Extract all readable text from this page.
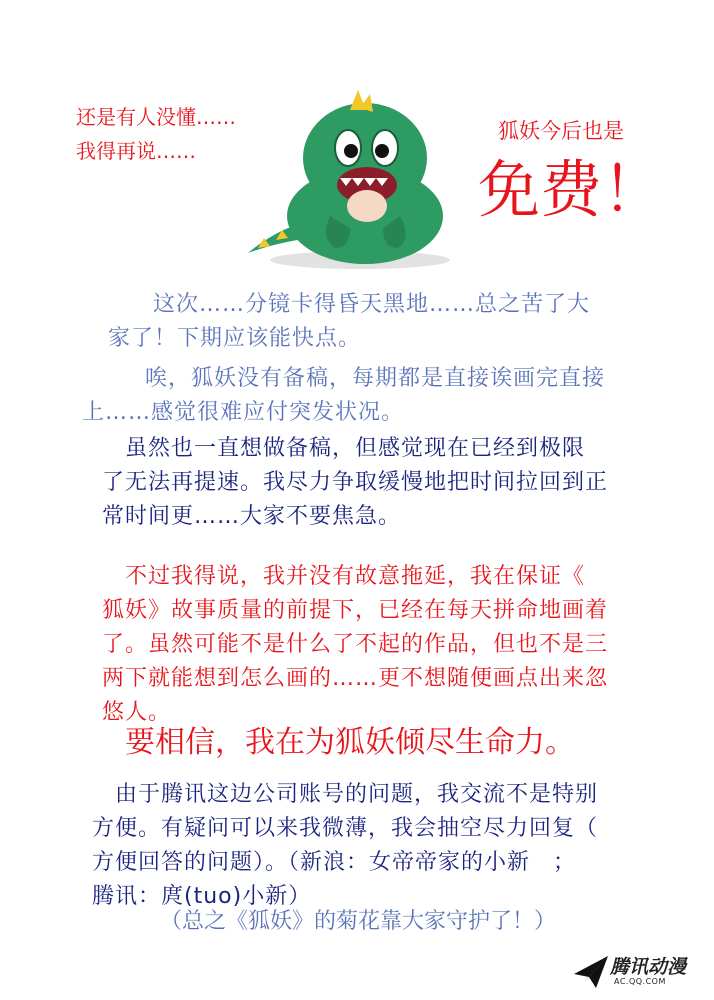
还是有人没懂……
我得再说……
狐妖今后也是
免费！
　这次……分镜卡得昏天黑地……总之苦了大
家了！下期应该能快点。
　唉，狐妖没有备稿，每期都是直接诶画完直接
上……感觉很难应付突发状况。
　虽然也一直想做备稿，但感觉现在已经到极限
了无法再提速。我尽力争取缓慢地把时间拉回到正
常时间更……大家不要焦急。
　不过我得说，我并没有故意拖延，我在保证《
狐妖》故事质量的前提下，已经在每天拼命地画着
了。虽然可能不是什么了不起的作品，但也不是三
两下就能想到怎么画的……更不想随便画点出来忽
悠人。
要相信，我在为狐妖倾尽生命力。
　由于腾讯这边公司账号的问题，我交流不是特别
方便。有疑问可以来我微薄，我会抽空尽力回复（
方便回答的问题）。（新浪：女帝帝家的小新　；
腾讯：庹(tuo)小新）
（总之《狐妖》的菊花靠大家守护了！）
腾讯动漫
AC.QQ.COM
